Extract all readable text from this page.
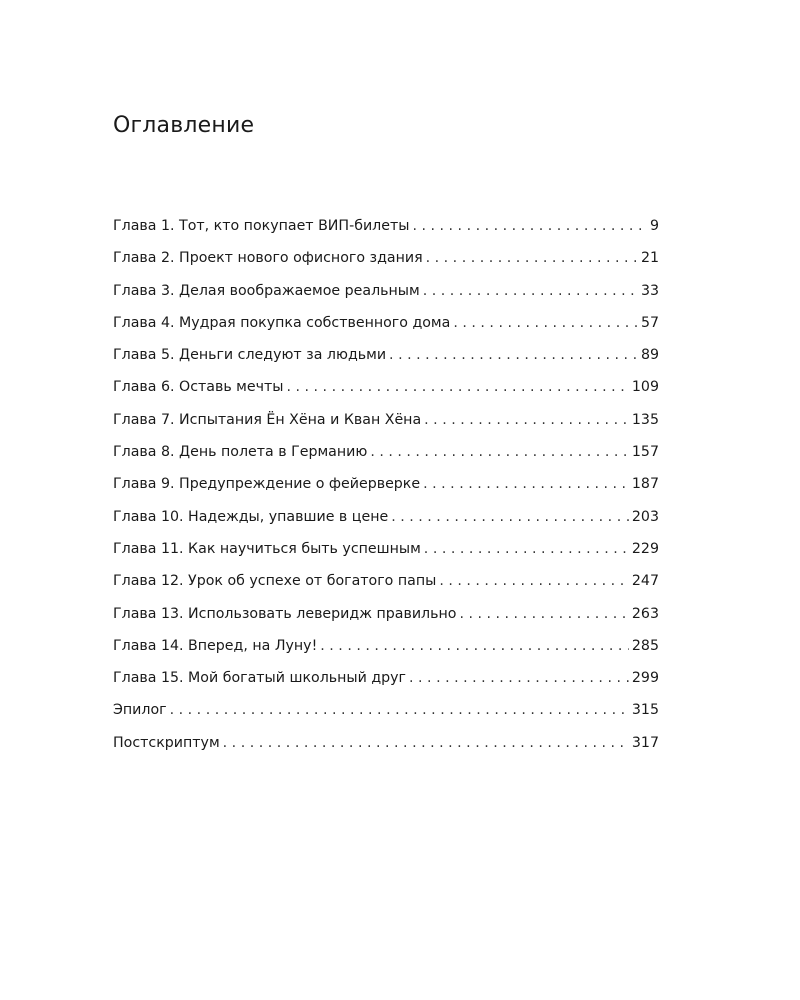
Оглавление
Глава 1. Тот, кто покупает ВИП-билеты . . .	9
Глава 2. Проект нового офисного здания . . .	21
Глава 3. Делая воображаемое реальным . . .	33
Глава 4. Мудрая покупка собственного дома . . .	57
Глава 5. Деньги следуют за людьми . . .	89
Глава 6. Оставь мечты . . .	109
Глава 7. Испытания Ён Хёна и Кван Хёна . . .	135
Глава 8. День полета в Германию . . .	157
Глава 9. Предупреждение о фейерверке . . .	187
Глава 10. Надежды, упавшие в цене . . .	203
Глава 11. Как научиться быть успешным . . .	229
Глава 12. Урок об успехе от богатого папы . . .	247
Глава 13. Использовать леверидж правильно . . .	263
Глава 14. Вперед, на Луну! . . .	285
Глава 15. Мой богатый школьный друг . . .	299
Эпилог . . .	315
Постскриптум . . .	317
